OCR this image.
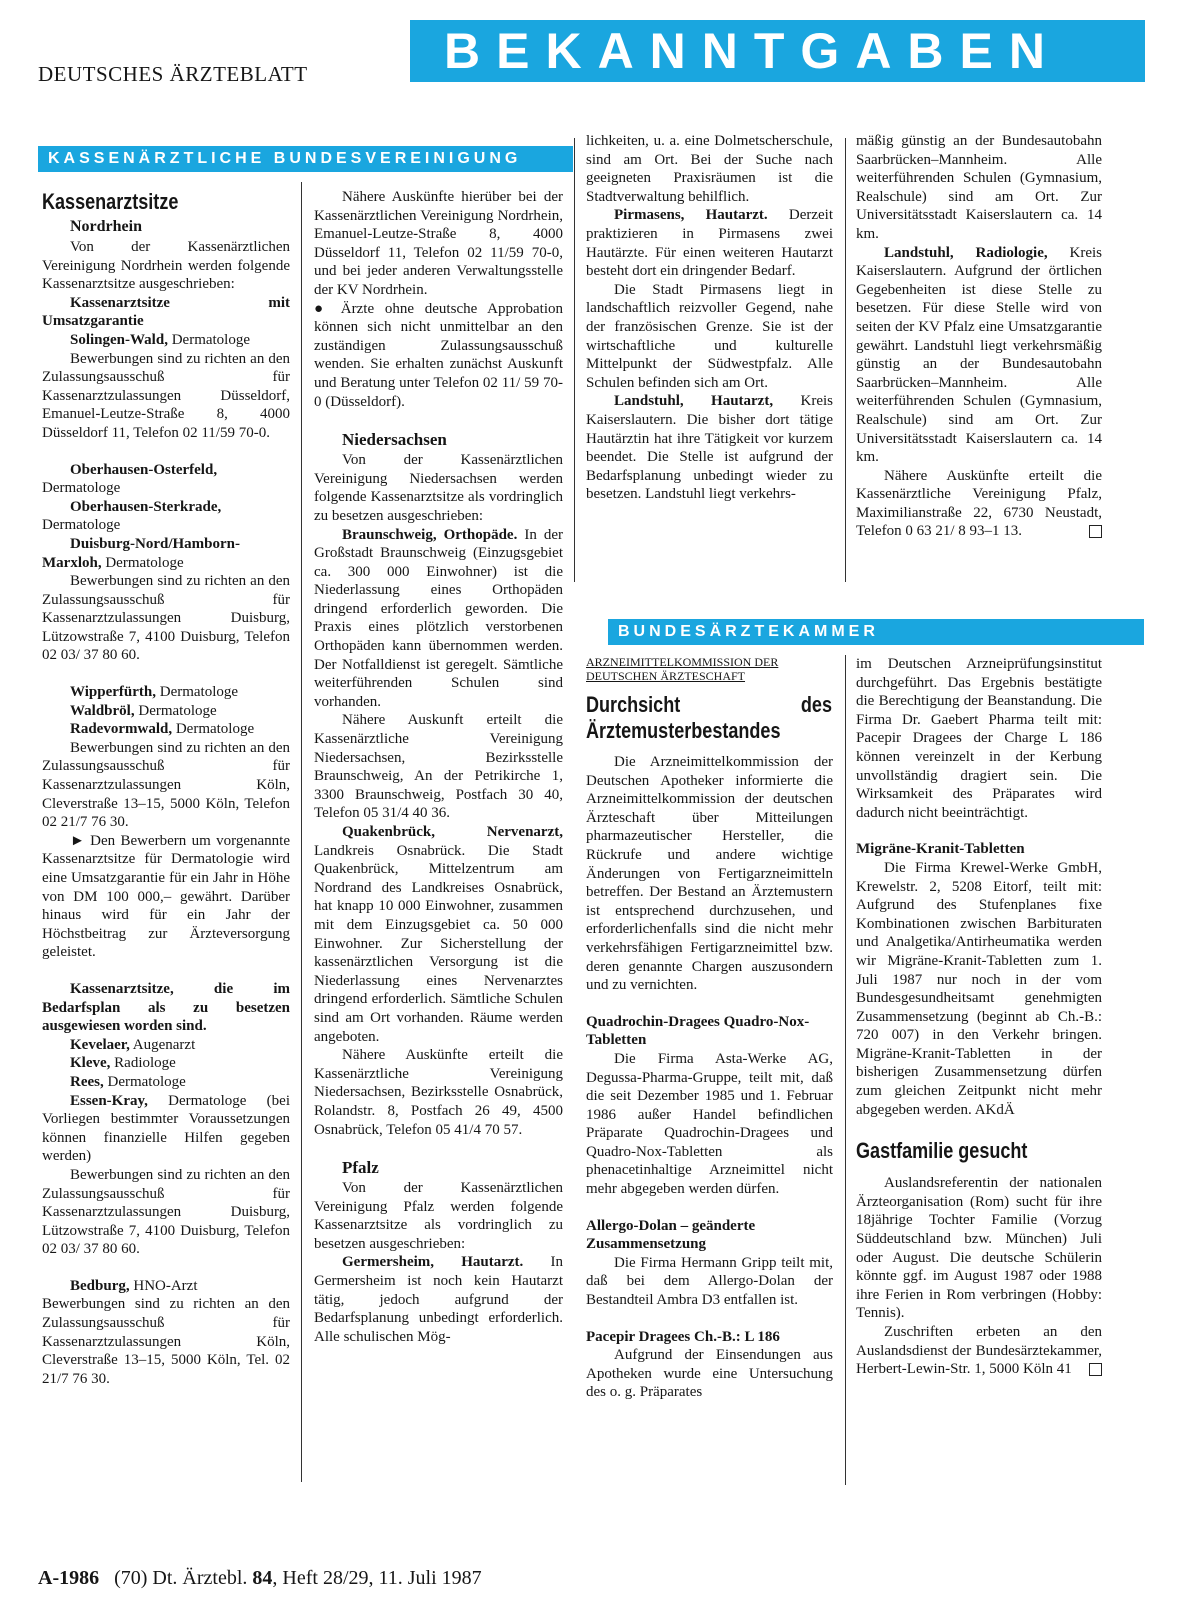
DEUTSCHES ÄRZTEBLATT	BEKANNTGABEN
KASSENÄRZTLICHE BUNDESVEREINIGUNG
BUNDESÄRZTEKAMMER

Kassenarztsitze

Nordrhein

Von der Kassenärztlichen Vereinigung Nordrhein werden folgende Kassenarztsitze ausgeschrieben:

Kassenarztsitze mit Umsatzgarantie

Solingen-Wald, Dermatologe

Bewerbungen sind zu richten an den Zulassungsausschuß für Kassenarztzulassungen Düsseldorf, Emanuel-Leutze-Straße 8, 4000 Düsseldorf 11, Telefon 02 11/59 70-0.

Oberhausen-Osterfeld, Dermatologe

Oberhausen-Sterkrade, Dermatologe

Duisburg-Nord/Hamborn-Marxloh, Dermatologe

Bewerbungen sind zu richten an den Zulassungsausschuß für Kassenarztzulassungen Duisburg, Lützowstraße 7, 4100 Duisburg, Telefon 02 03/ 37 80 60.

Wipperfürth, Dermatologe

Waldbröl, Dermatologe

Radevormwald, Dermatologe

Bewerbungen sind zu richten an den Zulassungsausschuß für Kassenarztzulassungen Köln, Cleverstraße 13–15, 5000 Köln, Telefon 02 21/7 76 30.

► Den Bewerbern um vorgenannte Kassenarztsitze für Dermatologie wird eine Umsatzgarantie für ein Jahr in Höhe von DM 100 000,– gewährt. Darüber hinaus wird für ein Jahr der Höchstbeitrag zur Ärzteversorgung geleistet.

Kassenarztsitze, die im Bedarfsplan als zu besetzen ausgewiesen worden sind.

Kevelaer, Augenarzt

Kleve, Radiologe

Rees, Dermatologe

Essen-Kray, Dermatologe (bei Vorliegen bestimmter Voraussetzungen können finanzielle Hilfen gegeben werden)

Bewerbungen sind zu richten an den Zulassungsausschuß für Kassenarztzulassungen Duisburg, Lützowstraße 7, 4100 Duisburg, Telefon 02 03/ 37 80 60.

Bedburg, HNO-Arzt

Bewerbungen sind zu richten an den Zulassungsausschuß für Kassenarztzulassungen Köln, Cleverstraße 13–15, 5000 Köln, Tel. 02 21/7 76 30.

Nähere Auskünfte hierüber bei der Kassenärztlichen Vereinigung Nordrhein, Emanuel-Leutze-Straße 8, 4000 Düsseldorf 11, Telefon 02 11/59 70-0, und bei jeder anderen Verwaltungsstelle der KV Nordrhein.

● Ärzte ohne deutsche Approbation können sich nicht unmittelbar an den zuständigen Zulassungsausschuß wenden. Sie erhalten zunächst Auskunft und Beratung unter Telefon 02 11/ 59 70-0 (Düsseldorf).

Niedersachsen

Von der Kassenärztlichen Vereinigung Niedersachsen werden folgende Kassenarztsitze als vordringlich zu besetzen ausgeschrieben:

Braunschweig, Orthopäde. In der Großstadt Braunschweig (Einzugsgebiet ca. 300 000 Einwohner) ist die Niederlassung eines Orthopäden dringend erforderlich geworden. Die Praxis eines plötzlich verstorbenen Orthopäden kann übernommen werden. Der Notfalldienst ist geregelt. Sämtliche weiterführenden Schulen sind vorhanden.

Nähere Auskunft erteilt die Kassenärztliche Vereinigung Niedersachsen, Bezirksstelle Braunschweig, An der Petrikirche 1, 3300 Braunschweig, Postfach 30 40, Telefon 05 31/4 40 36.

Quakenbrück, Nervenarzt, Landkreis Osnabrück. Die Stadt Quakenbrück, Mittelzentrum am Nordrand des Landkreises Osnabrück, hat knapp 10 000 Einwohner, zusammen mit dem Einzugsgebiet ca. 50 000 Einwohner. Zur Sicherstellung der kassenärztlichen Versorgung ist die Niederlassung eines Nervenarztes dringend erforderlich. Sämtliche Schulen sind am Ort vorhanden. Räume werden angeboten.

Nähere Auskünfte erteilt die Kassenärztliche Vereinigung Niedersachsen, Bezirksstelle Osnabrück, Rolandstr. 8, Postfach 26 49, 4500 Osnabrück, Telefon 05 41/4 70 57.

Pfalz

Von der Kassenärztlichen Vereinigung Pfalz werden folgende Kassenarztsitze als vordringlich zu besetzen ausgeschrieben:

Germersheim, Hautarzt. In Germersheim ist noch kein Hautarzt tätig, jedoch aufgrund der Bedarfsplanung unbedingt erforderlich. Alle schulischen Mög-

lichkeiten, u. a. eine Dolmetscherschule, sind am Ort. Bei der Suche nach geeigneten Praxisräumen ist die Stadtverwaltung behilflich.

Pirmasens, Hautarzt. Derzeit praktizieren in Pirmasens zwei Hautärzte. Für einen weiteren Hautarzt besteht dort ein dringender Bedarf.

Die Stadt Pirmasens liegt in landschaftlich reizvoller Gegend, nahe der französischen Grenze. Sie ist der wirtschaftliche und kulturelle Mittelpunkt der Südwestpfalz. Alle Schulen befinden sich am Ort.

Landstuhl, Hautarzt, Kreis Kaiserslautern. Die bisher dort tätige Hautärztin hat ihre Tätigkeit vor kurzem beendet. Die Stelle ist aufgrund der Bedarfsplanung unbedingt wieder zu besetzen. Landstuhl liegt verkehrs-

mäßig günstig an der Bundesautobahn Saarbrücken–Mannheim. Alle weiterführenden Schulen (Gymnasium, Realschule) sind am Ort. Zur Universitätsstadt Kaiserslautern ca. 14 km.

Landstuhl, Radiologie, Kreis Kaiserslautern. Aufgrund der örtlichen Gegebenheiten ist diese Stelle zu besetzen. Für diese Stelle wird von seiten der KV Pfalz eine Umsatzgarantie gewährt. Landstuhl liegt verkehrsmäßig günstig an der Bundesautobahn Saarbrücken–Mannheim. Alle weiterführenden Schulen (Gymnasium, Realschule) sind am Ort. Zur Universitätsstadt Kaiserslautern ca. 14 km.

Nähere Auskünfte erteilt die Kassenärztliche Vereinigung Pfalz, Maximilianstraße 22, 6730 Neustadt, Telefon 0 63 21/ 8 93–1 13.

ARZNEIMITTELKOMMISSION DER DEUTSCHEN ÄRZTESCHAFT

Durchsicht des Ärztemusterbestandes

Die Arzneimittelkommission der Deutschen Apotheker informierte die Arzneimittelkommission der deutschen Ärzteschaft über Mitteilungen pharmazeutischer Hersteller, die Rückrufe und andere wichtige Änderungen von Fertigarzneimitteln betreffen. Der Bestand an Ärztemustern ist entsprechend durchzusehen, und erforderlichenfalls sind die nicht mehr verkehrsfähigen Fertigarzneimittel bzw. deren genannte Chargen auszusondern und zu vernichten.

Quadrochin-Dragees Quadro-Nox-Tabletten

Die Firma Asta-Werke AG, Degussa-Pharma-Gruppe, teilt mit, daß die seit Dezember 1985 und 1. Februar 1986 außer Handel befindlichen Präparate Quadrochin-Dragees und Quadro-Nox-Tabletten als phenacetinhaltige Arzneimittel nicht mehr abgegeben werden dürfen.

Allergo-Dolan – geänderte Zusammensetzung

Die Firma Hermann Gripp teilt mit, daß bei dem Allergo-Dolan der Bestandteil Ambra D3 entfallen ist.

Pacepir Dragees Ch.-B.: L 186

Aufgrund der Einsendungen aus Apotheken wurde eine Untersuchung des o. g. Präparates

im Deutschen Arzneiprüfungsinstitut durchgeführt. Das Ergebnis bestätigte die Berechtigung der Beanstandung. Die Firma Dr. Gaebert Pharma teilt mit: Pacepir Dragees der Charge L 186 können vereinzelt in der Kerbung unvollständig dragiert sein. Die Wirksamkeit des Präparates wird dadurch nicht beeinträchtigt.

Migräne-Kranit-Tabletten

Die Firma Krewel-Werke GmbH, Krewelstr. 2, 5208 Eitorf, teilt mit: Aufgrund des Stufenplanes fixe Kombinationen zwischen Barbituraten und Analgetika/Antirheumatika werden wir Migräne-Kranit-Tabletten zum 1. Juli 1987 nur noch in der vom Bundesgesundheitsamt genehmigten Zusammensetzung (beginnt ab Ch.-B.: 720 007) in den Verkehr bringen. Migräne-Kranit-Tabletten in der bisherigen Zusammensetzung dürfen zum gleichen Zeitpunkt nicht mehr abgegeben werden. AKdÄ

Gastfamilie gesucht

Auslandsreferentin der nationalen Ärzteorganisation (Rom) sucht für ihre 18jährige Tochter Familie (Vorzug Süddeutschland bzw. München) Juli oder August. Die deutsche Schülerin könnte ggf. im August 1987 oder 1988 ihre Ferien in Rom verbringen (Hobby: Tennis).

Zuschriften erbeten an den Auslandsdienst der Bundesärztekammer, Herbert-Lewin-Str. 1, 5000 Köln 41

A-1986 (70) Dt. Ärztebl. 84, Heft 28/29, 11. Juli 1987
